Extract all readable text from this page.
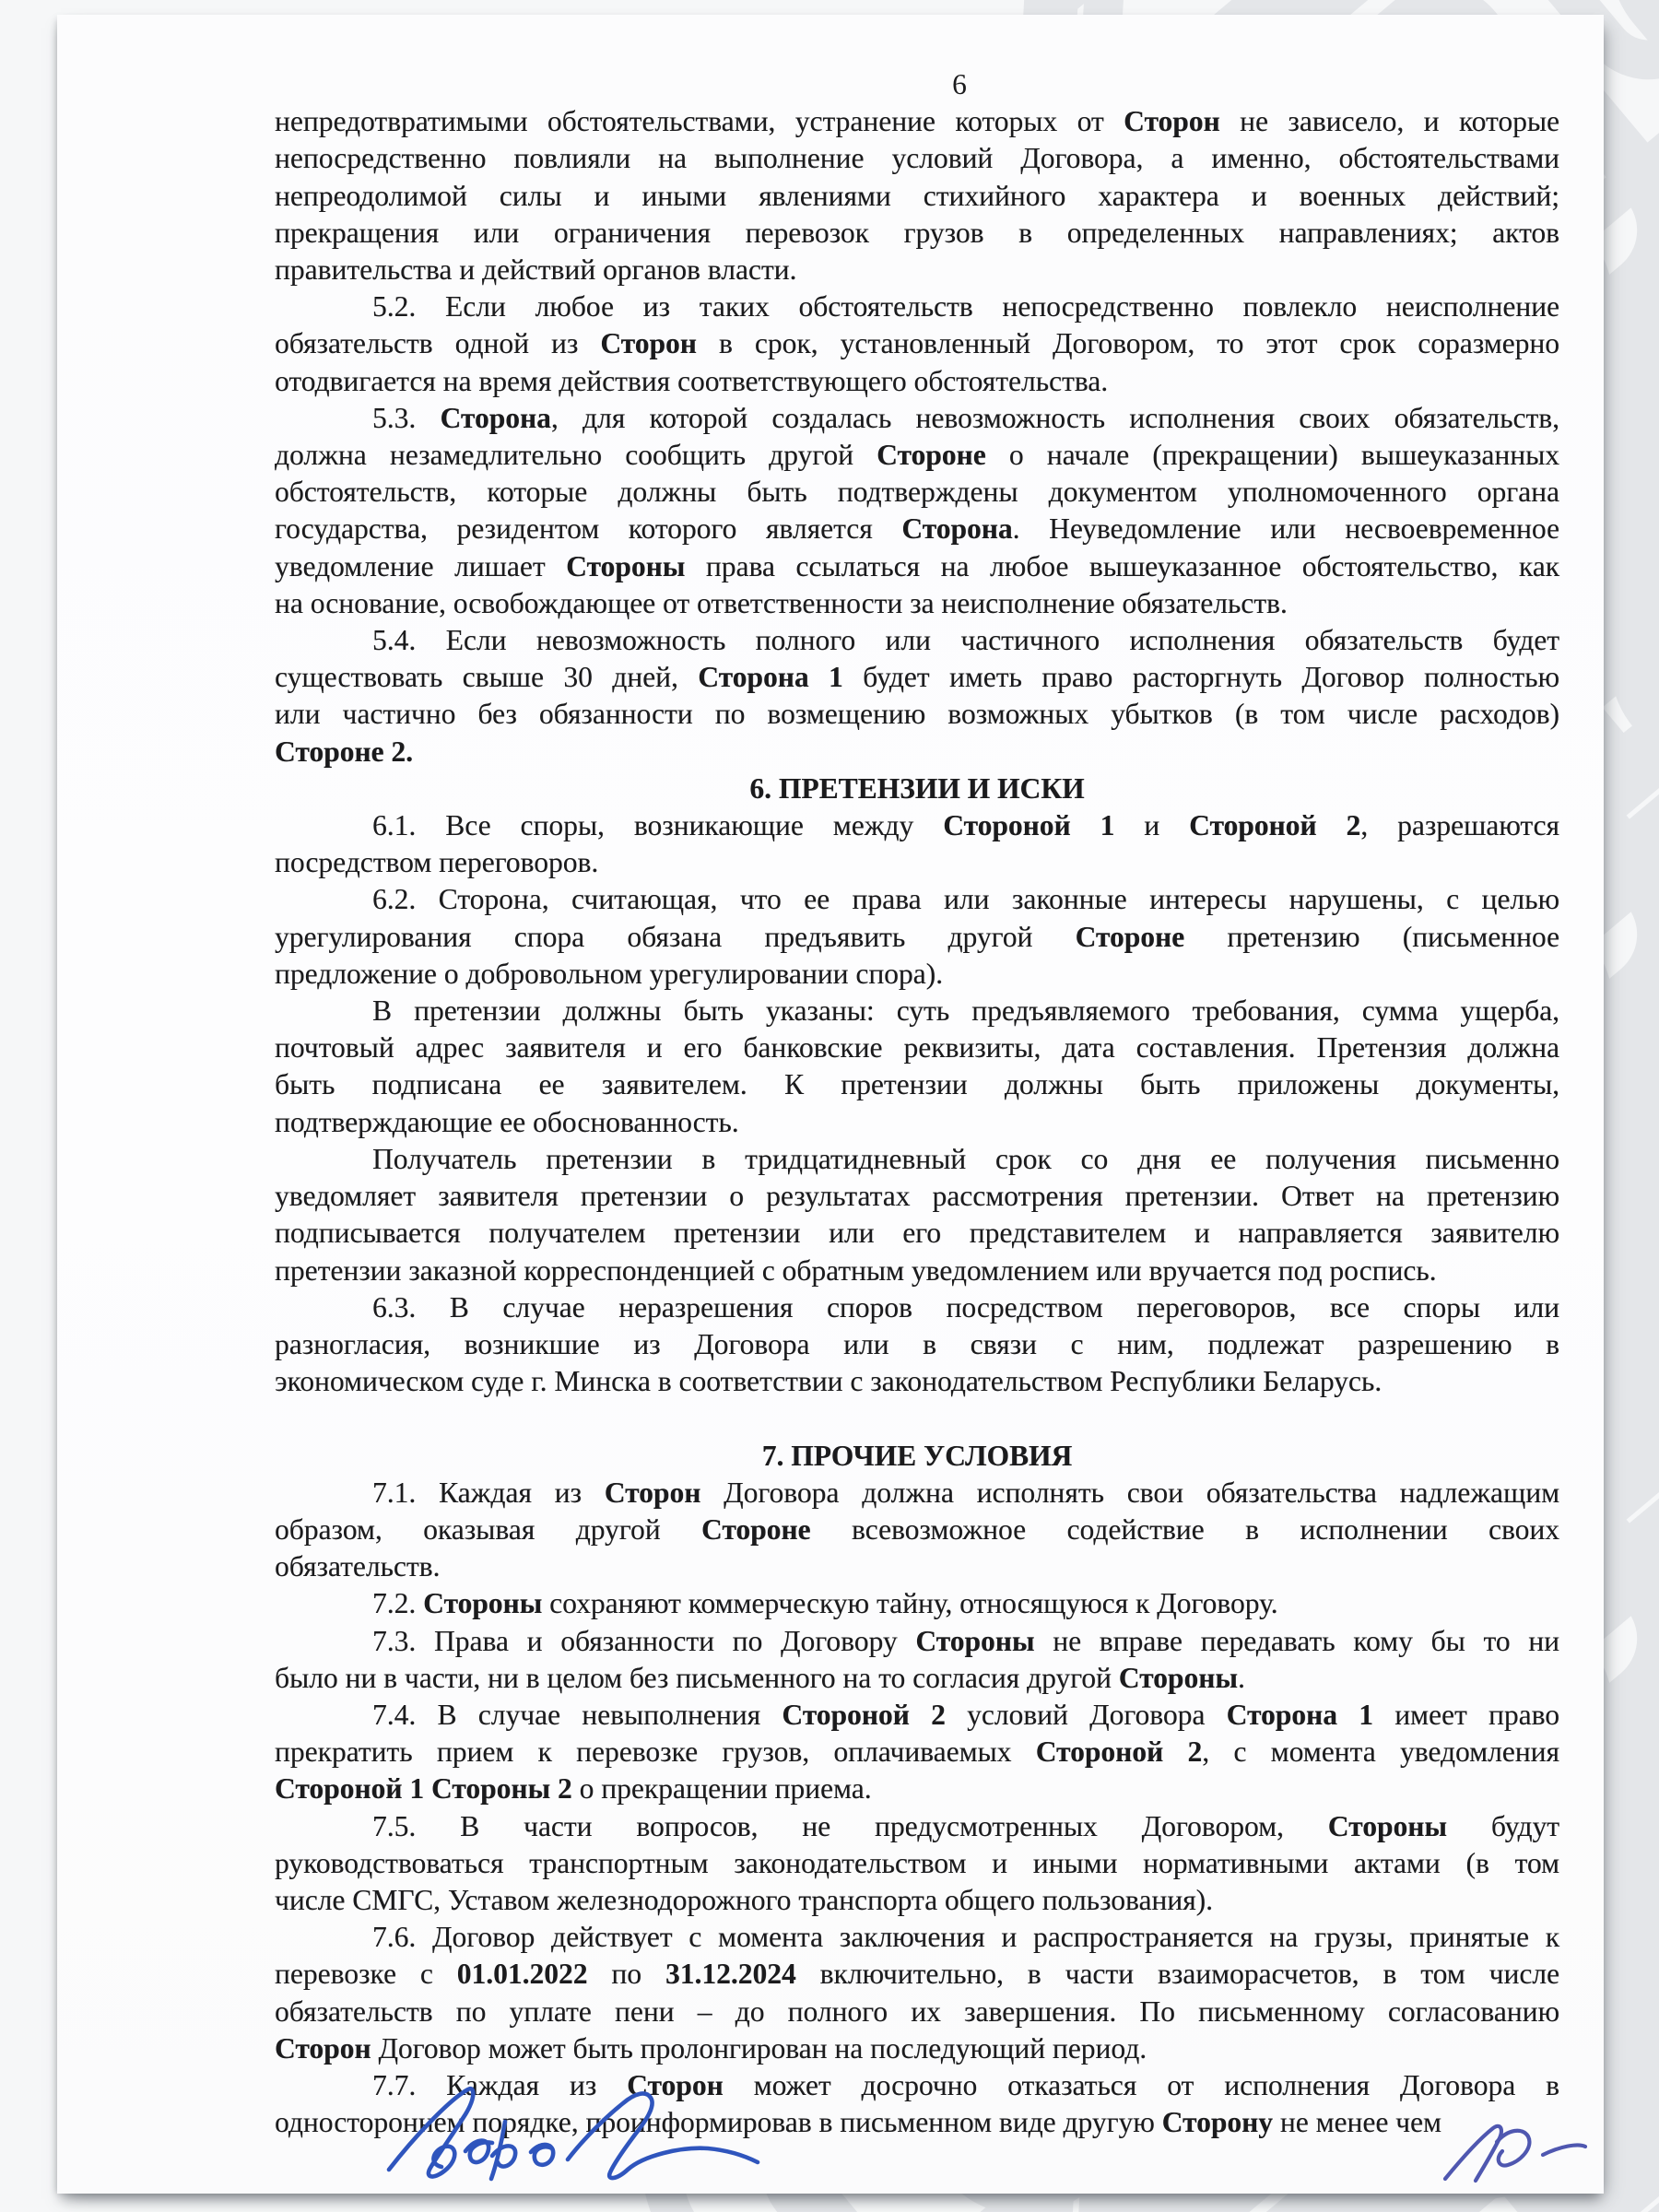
6
непредотвратимыми обстоятельствами, устранение которых от Сторон не зависело, и которые
непосредственно повлияли на выполнение условий Договора, а именно, обстоятельствами
непреодолимой силы и иными явлениями стихийного характера и военных действий;
прекращения или ограничения перевозок грузов в определенных направлениях; актов
правительства и действий органов власти.
5.2. Если любое из таких обстоятельств непосредственно повлекло неисполнение
обязательств одной из Сторон в срок, установленный Договором, то этот срок соразмерно
отодвигается на время действия соответствующего обстоятельства.
5.3. Сторона, для которой создалась невозможность исполнения своих обязательств,
должна незамедлительно сообщить другой Стороне о начале (прекращении) вышеуказанных
обстоятельств, которые должны быть подтверждены документом уполномоченного органа
государства, резидентом которого является Сторона. Неуведомление или несвоевременное
уведомление лишает Стороны права ссылаться на любое вышеуказанное обстоятельство, как
на основание, освобождающее от ответственности за неисполнение обязательств.
5.4. Если невозможность полного или частичного исполнения обязательств будет
существовать свыше 30 дней, Сторона 1 будет иметь право расторгнуть Договор полностью
или частично без обязанности по возмещению возможных убытков (в том числе расходов)
Стороне 2.
6. ПРЕТЕНЗИИ И ИСКИ
6.1. Все споры, возникающие между Стороной 1 и Стороной 2, разрешаются
посредством переговоров.
6.2. Сторона, считающая, что ее права или законные интересы нарушены, с целью
урегулирования спора обязана предъявить другой Стороне претензию (письменное
предложение о добровольном урегулировании спора).
В претензии должны быть указаны: суть предъявляемого требования, сумма ущерба,
почтовый адрес заявителя и его банковские реквизиты, дата составления. Претензия должна
быть подписана ее заявителем. К претензии должны быть приложены документы,
подтверждающие ее обоснованность.
Получатель претензии в тридцатидневный срок со дня ее получения письменно
уведомляет заявителя претензии о результатах рассмотрения претензии. Ответ на претензию
подписывается получателем претензии или его представителем и направляется заявителю
претензии заказной корреспонденцией с обратным уведомлением или вручается под роспись.
6.3. В случае неразрешения споров посредством переговоров, все споры или
разногласия, возникшие из Договора или в связи с ним, подлежат разрешению в
экономическом суде г. Минска в соответствии с законодательством Республики Беларусь.
7. ПРОЧИЕ УСЛОВИЯ
7.1. Каждая из Сторон Договора должна исполнять свои обязательства надлежащим
образом, оказывая другой Стороне всевозможное содействие в исполнении своих
обязательств.
7.2. Стороны сохраняют коммерческую тайну, относящуюся к Договору.
7.3. Права и обязанности по Договору Стороны не вправе передавать кому бы то ни
было ни в части, ни в целом без письменного на то согласия другой Стороны.
7.4. В случае невыполнения Стороной 2 условий Договора Сторона 1 имеет право
прекратить прием к перевозке грузов, оплачиваемых Стороной 2, с момента уведомления
Стороной 1 Стороны 2 о прекращении приема.
7.5. В части вопросов, не предусмотренных Договором, Стороны будут
руководствоваться транспортным законодательством и иными нормативными актами (в том
числе СМГС, Уставом железнодорожного транспорта общего пользования).
7.6. Договор действует с момента заключения и распространяется на грузы, принятые к
перевозке с 01.01.2022 по 31.12.2024 включительно, в части взаиморасчетов, в том числе
обязательств по уплате пени – до полного их завершения. По письменному согласованию
Сторон Договор может быть пролонгирован на последующий период.
7.7. Каждая из Сторон может досрочно отказаться от исполнения Договора в
одностороннем порядке, проинформировав в письменном виде другую Сторону не менее чем
